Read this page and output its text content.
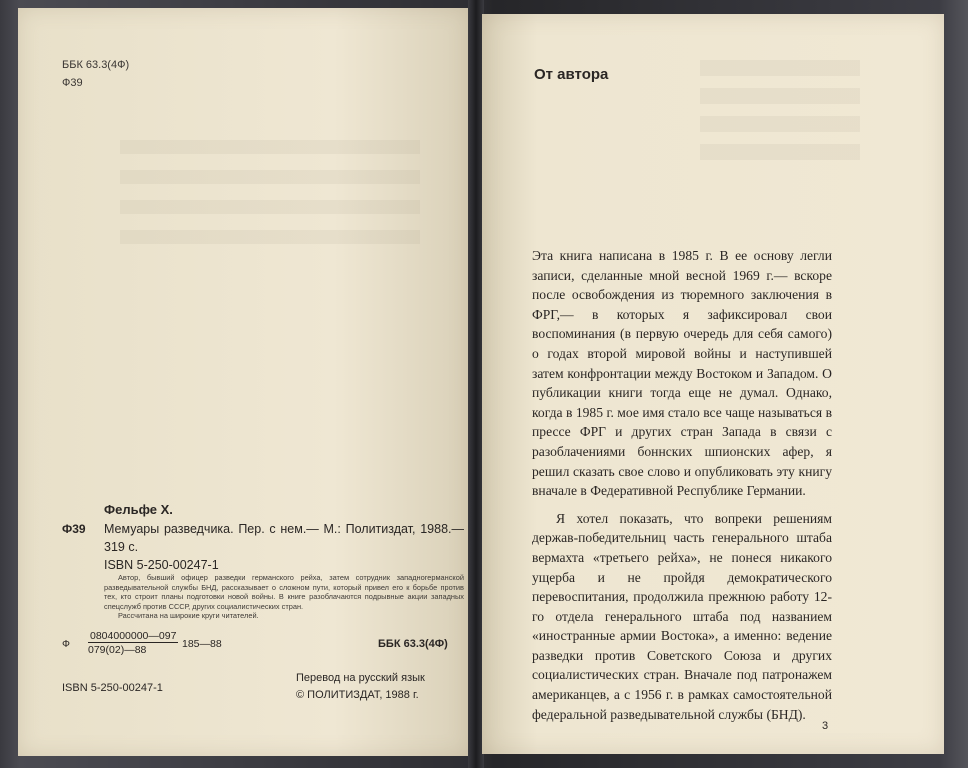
ББК 63.3(4Ф)
Ф39
Фельфе Х.
Ф39 Мемуары разведчика. Пер. с нем.— М.: Политиздат, 1988.— 319 с.
ISBN 5-250-00247-1

Автор, бывший офицер разведки германского рейха, затем сотрудник западногерманской разведывательной службы БНД, рассказывает о сложном пути, который привел его к борьбе против тех, кто строит планы подготовки новой войны. В книге разоблачаются подрывные акции западных спецслужб против СССР, других социалистических стран.

Рассчитана на широкие круги читателей.

Ф
0804000000—097
079(02)—88	185—88	ББК 63.3(4Ф)
Перевод на русский язык
© ПОЛИТИЗДАТ, 1988 г.
ISBN 5-250-00247-1
От автора

Эта книга написана в 1985 г. В ее основу легли записи, сделанные мной весной 1969 г.— вскоре после освобождения из тюремного заключения в ФРГ,— в которых я зафиксировал свои воспоминания (в первую очередь для себя самого) о годах второй мировой войны и наступившей затем конфронтации между Востоком и Западом. О публикации книги тогда еще не думал. Однако, когда в 1985 г. мое имя стало все чаще называться в прессе ФРГ и других стран Запада в связи с разоблачениями боннских шпионских афер, я решил сказать свое слово и опубликовать эту книгу вначале в Федеративной Республике Германии.

Я хотел показать, что вопреки решениям держав-победительниц часть генерального штаба вермахта «третьего рейха», не понеся никакого ущерба и не пройдя демократического перевоспитания, продолжила прежнюю работу 12-го отдела генерального штаба под названием «иностранные армии Востока», а именно: ведение разведки против Советского Союза и других социалистических стран. Вначале под патронажем американцев, а с 1956 г. в рамках самостоятельной федеральной разведывательной службы (БНД).

3
